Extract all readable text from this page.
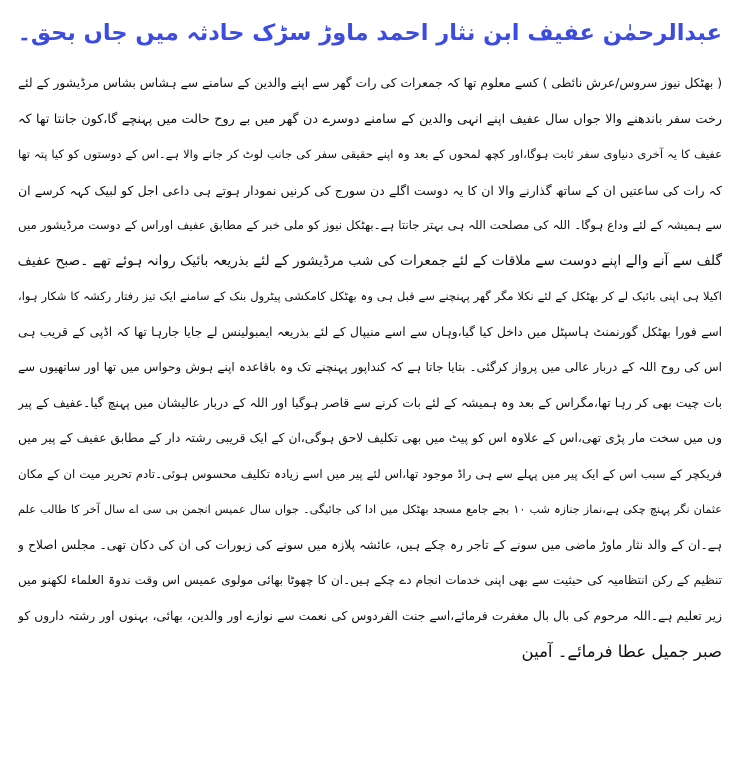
عبدالرحمٰن عفیف ابن نثار احمد ماوڑ سڑک حادثہ میں جاں بحق۔

( بھٹکل نیوز سروس/عرش نائطی ) کسے معلوم تھا کہ جمعرات کی رات گھر سے اپنے والدین کے سامنے سے ہشاس بشاس مرڈیشور کے لئے

رخت سفر باندھنے والا جواں سال عفیف اپنے انہی والدین کے سامنے دوسرے دن گھر میں بے روح حالت میں پہنچے گا،کون جانتا تھا کہ

عفیف کا یہ آخری دنیاوی سفر ثابت ہوگا،اور کچھ لمحوں کے بعد وہ اپنے حقیقی سفر کی جانب لوٹ کر جانے والا ہے۔اس کے دوستوں کو کیا پتہ تھا

کہ رات کی ساعتیں ان کے ساتھ گذارنے والا ان کا یہ دوست اگلے دن سورج کی کرنیں نمودار ہوتے ہی داعی اجل کو لبیک کہہ کرسے ان

سے ہمیشہ کے لئے وداع ہوگا۔ اللہ کی مصلحت اللہ ہی بہتر جانتا ہے۔بھٹکل نیوز کو ملی خبر کے مطابق عفیف اوراس کے دوست مرڈیشور میں

گلف سے آنے والے اپنے دوست سے ملاقات کے لئے جمعرات کی شب مرڈیشور کے لئے بذریعہ بائیک روانہ ہوئے تھے ۔صبح عفیف

اکیلا ہی اپنی بائیک لے کر بھٹکل کے لئے نکلا مگر گھر پہنچنے سے قبل ہی وہ بھٹکل کامکشی پیٹرول بنک کے سامنے ایک تیز رفتار رکشہ کا شکار ہوا،

اسے فورا بھٹکل گورنمنٹ ہاسپٹل میں داخل کیا گیا،وہاں سے اسے منیپال کے لئے بذریعہ ایمبولینس لے جایا جارہا تھا کہ اڈپی کے قریب ہی

اس کی روح اللہ کے دربار عالی میں پرواز کرگئی۔ بتایا جاتا ہے کہ کنداپور پہنچنے تک وہ باقاعدہ اپنے ہوش وحواس میں تھا اور ساتھیوں سے

بات چیت بھی کر رہا تھا،مگراس کے بعد وہ ہمیشہ کے لئے بات کرنے سے قاصر ہوگیا اور اللہ کے دربار عالیشان میں پہنچ گیا۔عفیف کے پیر

وں میں سخت مار پڑی تھی،اس کے علاوہ اس کو پیٹ میں بھی تکلیف لاحق ہوگی،ان کے ایک قریبی رشتہ دار کے مطابق عفیف کے پیر میں

فریکچر کے سبب اس کے ایک پیر میں پہلے سے ہی راڈ موجود تھا،اس لئے پیر میں اسے زیادہ تکلیف محسوس ہوئی۔تادم تحریر میت ان کے مکان

عثمان نگر پہنچ چکی ہے،نماز جنازہ شب ۱۰ بجے جامع مسجد بھٹکل میں ادا کی جائیگی۔ جواں سال عمیس انجمن بی سی اے سال آخر کا طالب علم

ہے۔ان کے والد نثار ماوڑ ماضی میں سونے کے تاجر رہ چکے ہیں، عائشہ پلازہ میں سونے کی زیورات کی ان کی دکان تھی۔ مجلس اصلاح و

تنظیم کے رکن انتظامیہ کی حیثیت سے بھی اپنی خدمات انجام دے چکے ہیں۔ان کا چھوٹا بھائی مولوی عمیس اس وقت ندوۃ العلماء لکھنو میں

زیر تعلیم ہے۔اللہ مرحوم کی بال بال مغفرت فرمائے،اسے جنت الفردوس کی نعمت سے نوازے اور والدین، بھائی، بہنوں اور رشتہ داروں کو

صبر جمیل عطا فرمائے۔ آمین
